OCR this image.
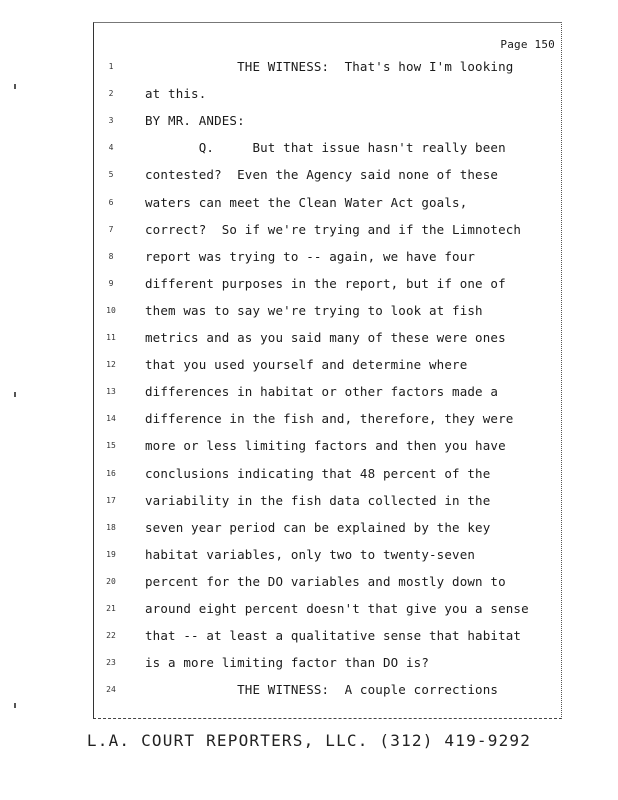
Page 150
1	THE WITNESS:  That's how I'm looking
2	at this.
3	BY MR. ANDES:
4	Q.     But that issue hasn't really been
5	contested?  Even the Agency said none of these
6	waters can meet the Clean Water Act goals,
7	correct?  So if we're trying and if the Limnotech
8	report was trying to -- again, we have four
9	different purposes in the report, but if one of
10	them was to say we're trying to look at fish
11	metrics and as you said many of these were ones
12	that you used yourself and determine where
13	differences in habitat or other factors made a
14	difference in the fish and, therefore, they were
15	more or less limiting factors and then you have
16	conclusions indicating that 48 percent of the
17	variability in the fish data collected in the
18	seven year period can be explained by the key
19	habitat variables, only two to twenty-seven
20	percent for the DO variables and mostly down to
21	around eight percent doesn't that give you a sense
22	that -- at least a qualitative sense that habitat
23	is a more limiting factor than DO is?
24	THE WITNESS:  A couple corrections
L.A. COURT REPORTERS, LLC. (312) 419-9292
